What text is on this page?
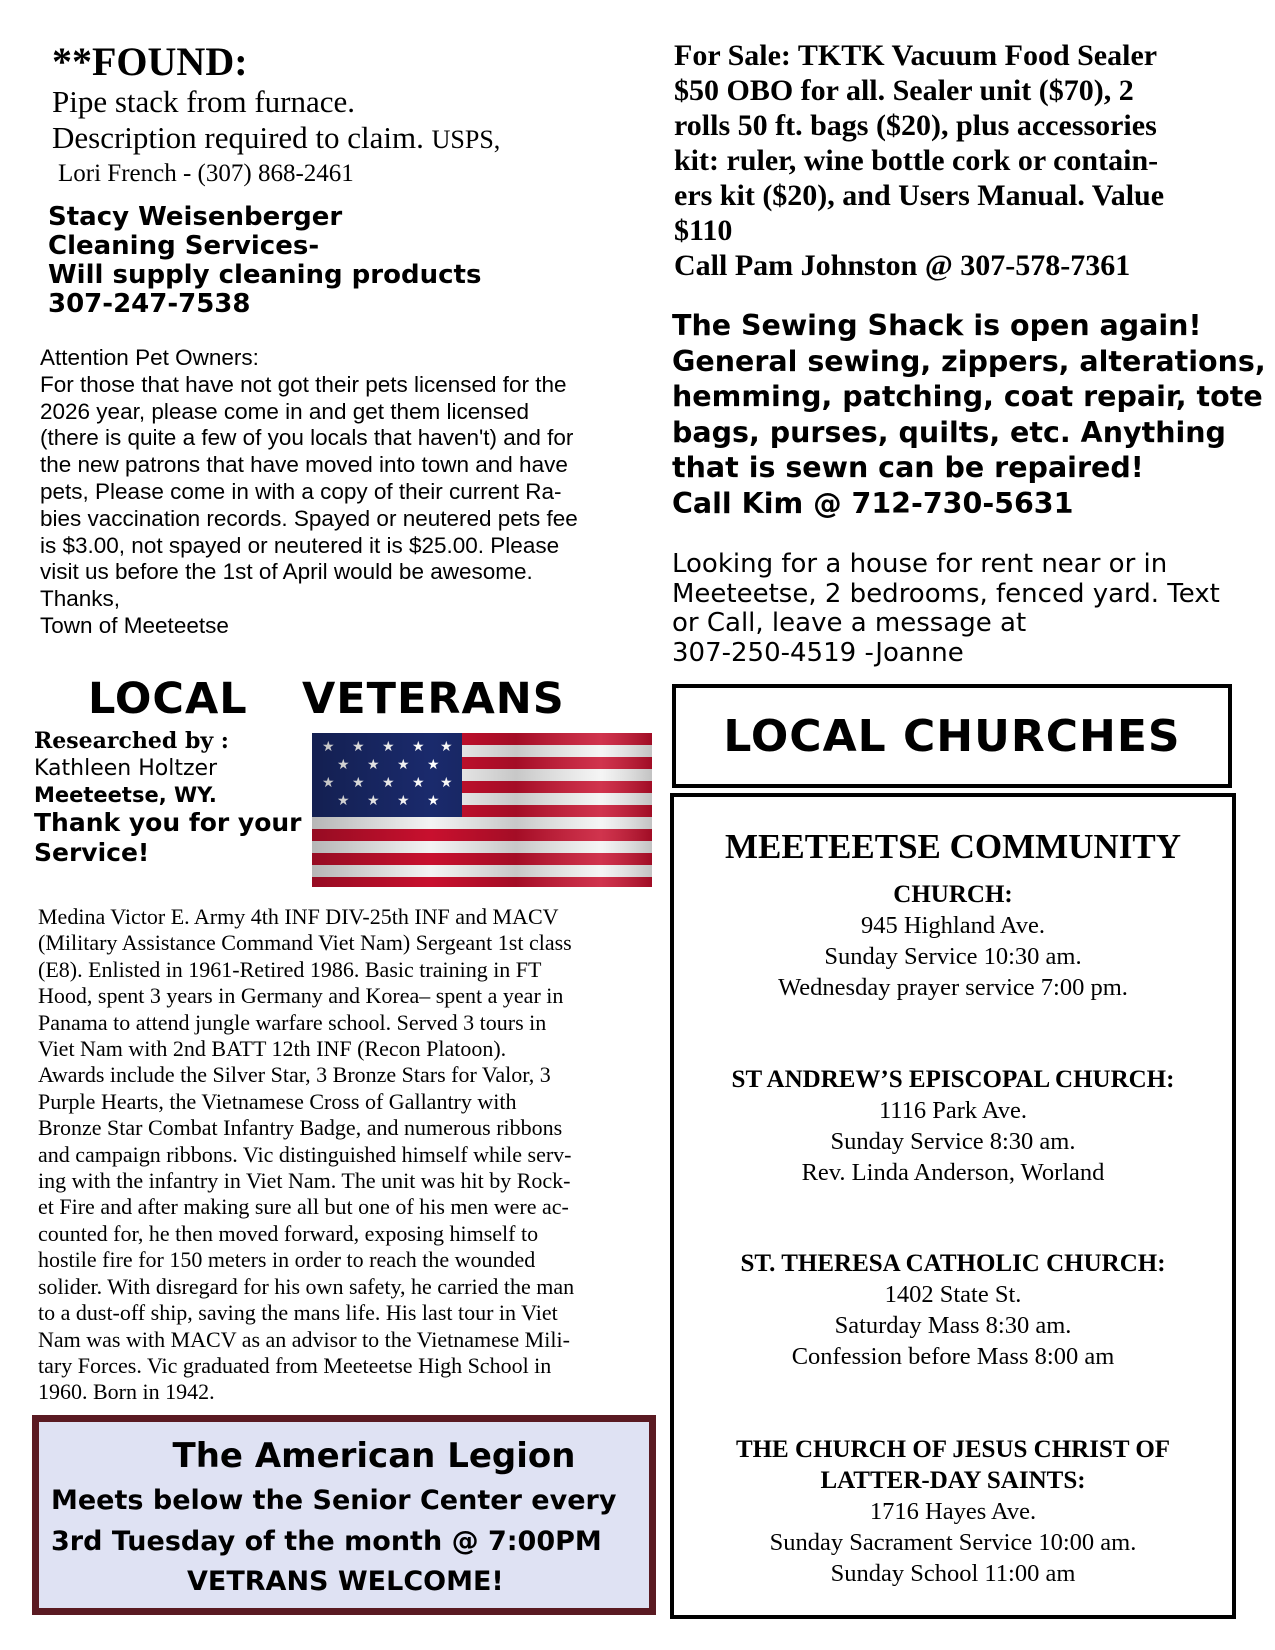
**FOUND:
Pipe stack from furnace.
Description required to claim. USPS,
Lori French - (307) 868-2461
Stacy Weisenberger
Cleaning Services-
Will supply cleaning products
307-247-7538
Attention Pet Owners:
For those that have not got their pets licensed for the
2026 year, please come in and get them licensed
(there is quite a few of you locals that haven't) and for
the new patrons that have moved into town and have
pets, Please come in with a copy of their current Ra-
bies vaccination records. Spayed or neutered pets fee
is $3.00, not spayed or neutered it is $25.00. Please
visit us before the 1st of April would be awesome.
Thanks,
Town of Meeteetse
For Sale: TKTK Vacuum Food Sealer
$50 OBO for all. Sealer unit ($70), 2
rolls 50 ft. bags ($20), plus accessories
kit: ruler, wine bottle cork or contain-
ers kit ($20), and Users Manual. Value
$110
Call Pam Johnston @ 307-578-7361
The Sewing Shack is open again!
General sewing, zippers, alterations,
hemming, patching, coat repair, tote
bags, purses, quilts, etc. Anything
that is sewn can be repaired!
Call Kim @ 712-730-5631
Looking for a house for rent near or in
Meeteetse, 2 bedrooms, fenced yard. Text
or Call, leave a message at
307-250-4519 -Joanne
LOCAL VETERANS
Researched by :
Kathleen Holtzer
Meeteetse, WY.
Thank you for your
Service!
Medina Victor E. Army 4th INF DIV-25th INF and MACV
(Military Assistance Command Viet Nam) Sergeant 1st class
(E8). Enlisted in 1961-Retired 1986. Basic training in FT
Hood, spent 3 years in Germany and Korea– spent a year in
Panama to attend jungle warfare school. Served 3 tours in
Viet Nam with 2nd BATT 12th INF (Recon Platoon).
Awards include the Silver Star, 3 Bronze Stars for Valor, 3
Purple Hearts, the Vietnamese Cross of Gallantry with
Bronze Star Combat Infantry Badge, and numerous ribbons
and campaign ribbons. Vic distinguished himself while serv-
ing with the infantry in Viet Nam. The unit was hit by Rock-
et Fire and after making sure all but one of his men were ac-
counted for, he then moved forward, exposing himself to
hostile fire for 150 meters in order to reach the wounded
solider. With disregard for his own safety, he carried the man
to a dust-off ship, saving the mans life. His last tour in Viet
Nam was with MACV as an advisor to the Vietnamese Mili-
tary Forces. Vic graduated from Meeteetse High School in
1960. Born in 1942.
The American Legion
Meets below the Senior Center every
3rd Tuesday of the month @ 7:00PM
VETRANS WELCOME!
LOCAL CHURCHES
MEETEETSE COMMUNITY
CHURCH:
945 Highland Ave.
Sunday Service 10:30 am.
Wednesday prayer service 7:00 pm.
ST ANDREW’S EPISCOPAL CHURCH:
1116 Park Ave.
Sunday Service 8:30 am.
Rev. Linda Anderson, Worland
ST. THERESA CATHOLIC CHURCH:
1402 State St.
Saturday Mass 8:30 am.
Confession before Mass 8:00 am
THE CHURCH OF JESUS CHRIST OF
LATTER-DAY SAINTS:
1716 Hayes Ave.
Sunday Sacrament Service 10:00 am.
Sunday School 11:00 am
